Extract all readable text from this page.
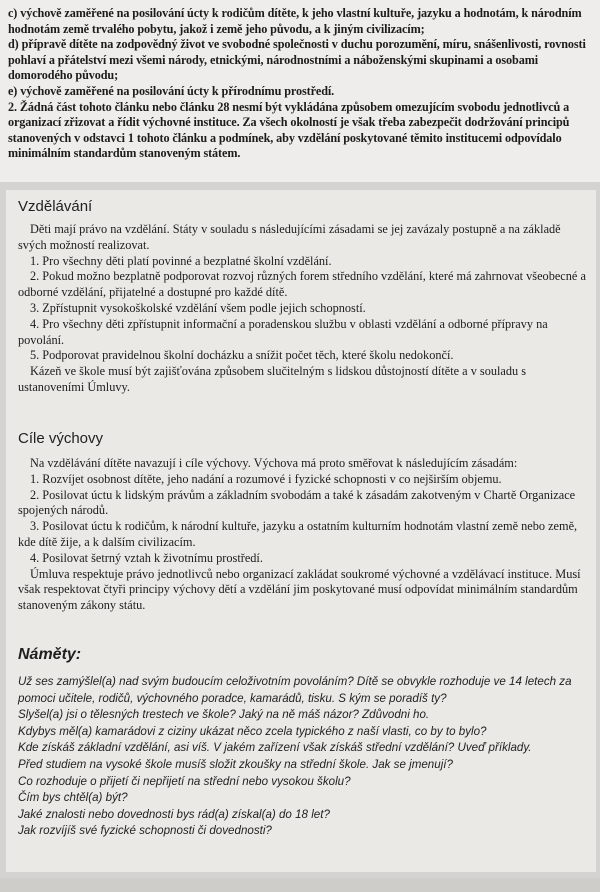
c) výchově zaměřené na posilování úcty k rodičům dítěte, k jeho vlastní kultuře, jazyku a hodnotám, k národním hodnotám země trvalého pobytu, jakož i země jeho původu, a k jiným civilizacím;

d) přípravě dítěte na zodpovědný život ve svobodné společnosti v duchu porozumění, míru, snášenlivosti, rovnosti pohlaví a přátelství mezi všemi národy, etnickými, národnostními a náboženskými skupinami a osobami domorodého původu;

e) výchově zaměřené na posilování úcty k přírodnímu prostředí.

2. Žádná část tohoto článku nebo článku 28 nesmí být vykládána způsobem omezujícím svobodu jednotlivců a organizací zřizovat a řídit výchovné instituce. Za všech okolností je však třeba zabezpečit dodržování principů stanovených v odstavci 1 tohoto článku a podmínek, aby vzdělání poskytované těmito institucemi odpovídalo minimálním standardům stanoveným státem.

Vzdělávání

Děti mají právo na vzdělání. Státy v souladu s následujícími zásadami se jej zavázaly postupně a na základě svých možností realizovat.

1. Pro všechny děti platí povinné a bezplatné školní vzdělání.

2. Pokud možno bezplatně podporovat rozvoj různých forem středního vzdělání, které má zahrnovat všeobecné a odborné vzdělání, přijatelné a dostupné pro každé dítě.

3. Zpřístupnit vysokoškolské vzdělání všem podle jejich schopností.

4. Pro všechny děti zpřístupnit informační a poradenskou službu v oblasti vzdělání a odborné přípravy na povolání.

5. Podporovat pravidelnou školní docházku a snížit počet těch, které školu nedokončí.

Kázeň ve škole musí být zajišťována způsobem slučitelným s lidskou důstojností dítěte a v souladu s ustanoveními Úmluvy.

Cíle výchovy

Na vzdělávání dítěte navazují i cíle výchovy. Výchova má proto směřovat k následujícím zásadám:

1. Rozvíjet osobnost dítěte, jeho nadání a rozumové i fyzické schopnosti v co nejširším objemu.

2. Posilovat úctu k lidským právům a základním svobodám a také k zásadám zakotveným v Chartě Organizace spojených národů.

3. Posilovat úctu k rodičům, k národní kultuře, jazyku a ostatním kulturním hodnotám vlastní země nebo země, kde dítě žije, a k dalším civilizacím.

4. Posilovat šetrný vztah k životnímu prostředí.

Úmluva respektuje právo jednotlivců nebo organizací zakládat soukromé výchovné a vzdělávací instituce. Musí však respektovat čtyři principy výchovy dětí a vzdělání jim poskytované musí odpovídat minimálním standardům stanoveným zákony státu.

Náměty:

Už ses zamýšlel(a) nad svým budoucím celoživotním povoláním? Dítě se obvykle rozhoduje ve 14 letech za pomoci učitele, rodičů, výchovného poradce, kamarádů, tisku. S kým se poradíš ty?

Slyšel(a) jsi o tělesných trestech ve škole? Jaký na ně máš názor? Zdůvodni ho.

Kdybys měl(a) kamarádovi z ciziny ukázat něco zcela typického z naší vlasti, co by to bylo?

Kde získáš základní vzdělání, asi víš. V jakém zařízení však získáš střední vzdělání? Uveď příklady.

Před studiem na vysoké škole musíš složit zkoušky na střední škole. Jak se jmenují?

Co rozhoduje o přijetí či nepřijetí na střední nebo vysokou školu?

Čím bys chtěl(a) být?

Jaké znalosti nebo dovednosti bys rád(a) získal(a) do 18 let?

Jak rozvíjíš své fyzické schopnosti či dovednosti?
